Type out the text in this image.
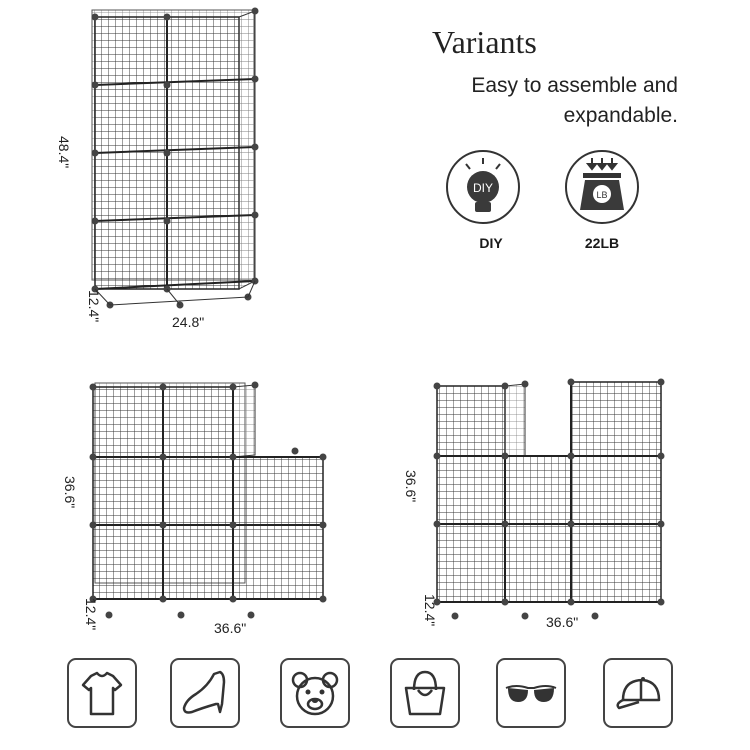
Variants
Easy to assemble and
expandable.
DIY
DIY
LB
22LB
48.4"
12.4"	24.8"
36.6"
12.4"	36.6"
36.6"
12.4"	36.6"
